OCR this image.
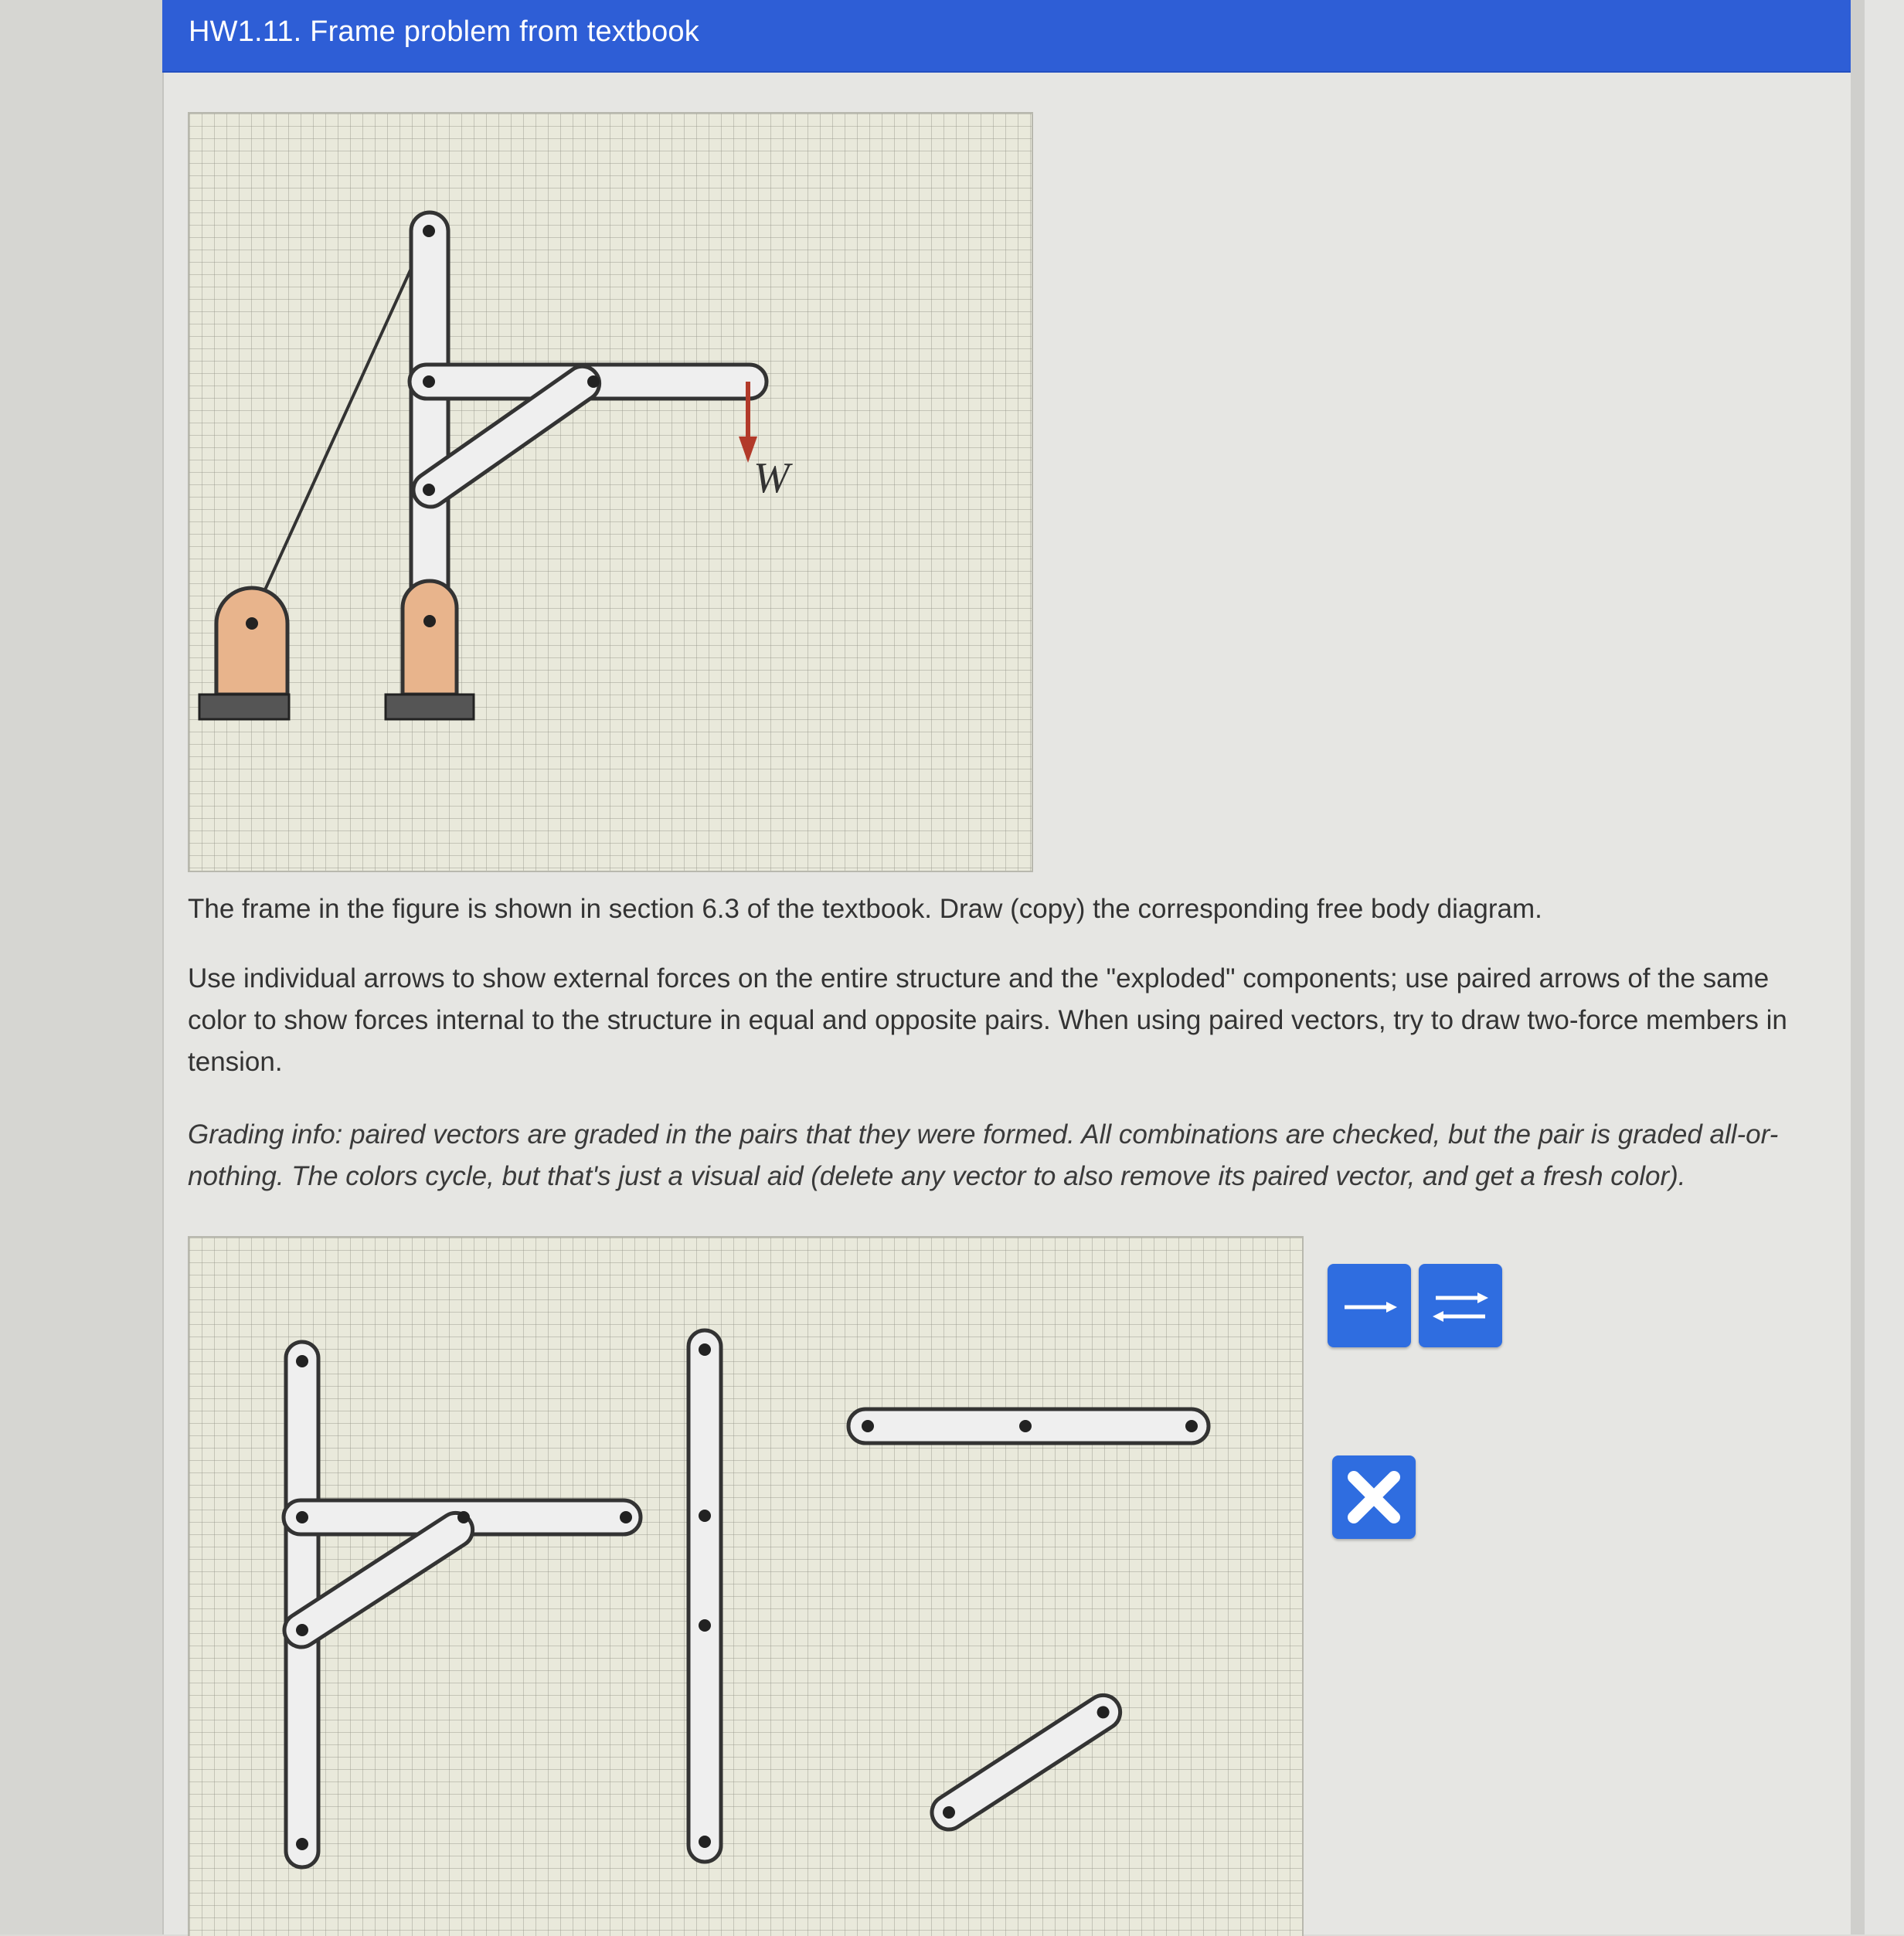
HW1.11. Frame problem from textbook
W
The frame in the figure is shown in section 6.3 of the textbook. Draw (copy) the corresponding free body diagram.
Use individual arrows to show external forces on the entire structure and the "exploded" components; use paired arrows of the same color to show forces internal to the structure in equal and opposite pairs. When using paired vectors, try to draw two-force members in tension.
Grading info: paired vectors are graded in the pairs that they were formed. All combinations are checked, but the pair is graded all-or-nothing. The colors cycle, but that's just a visual aid (delete any vector to also remove its paired vector, and get a fresh color).
